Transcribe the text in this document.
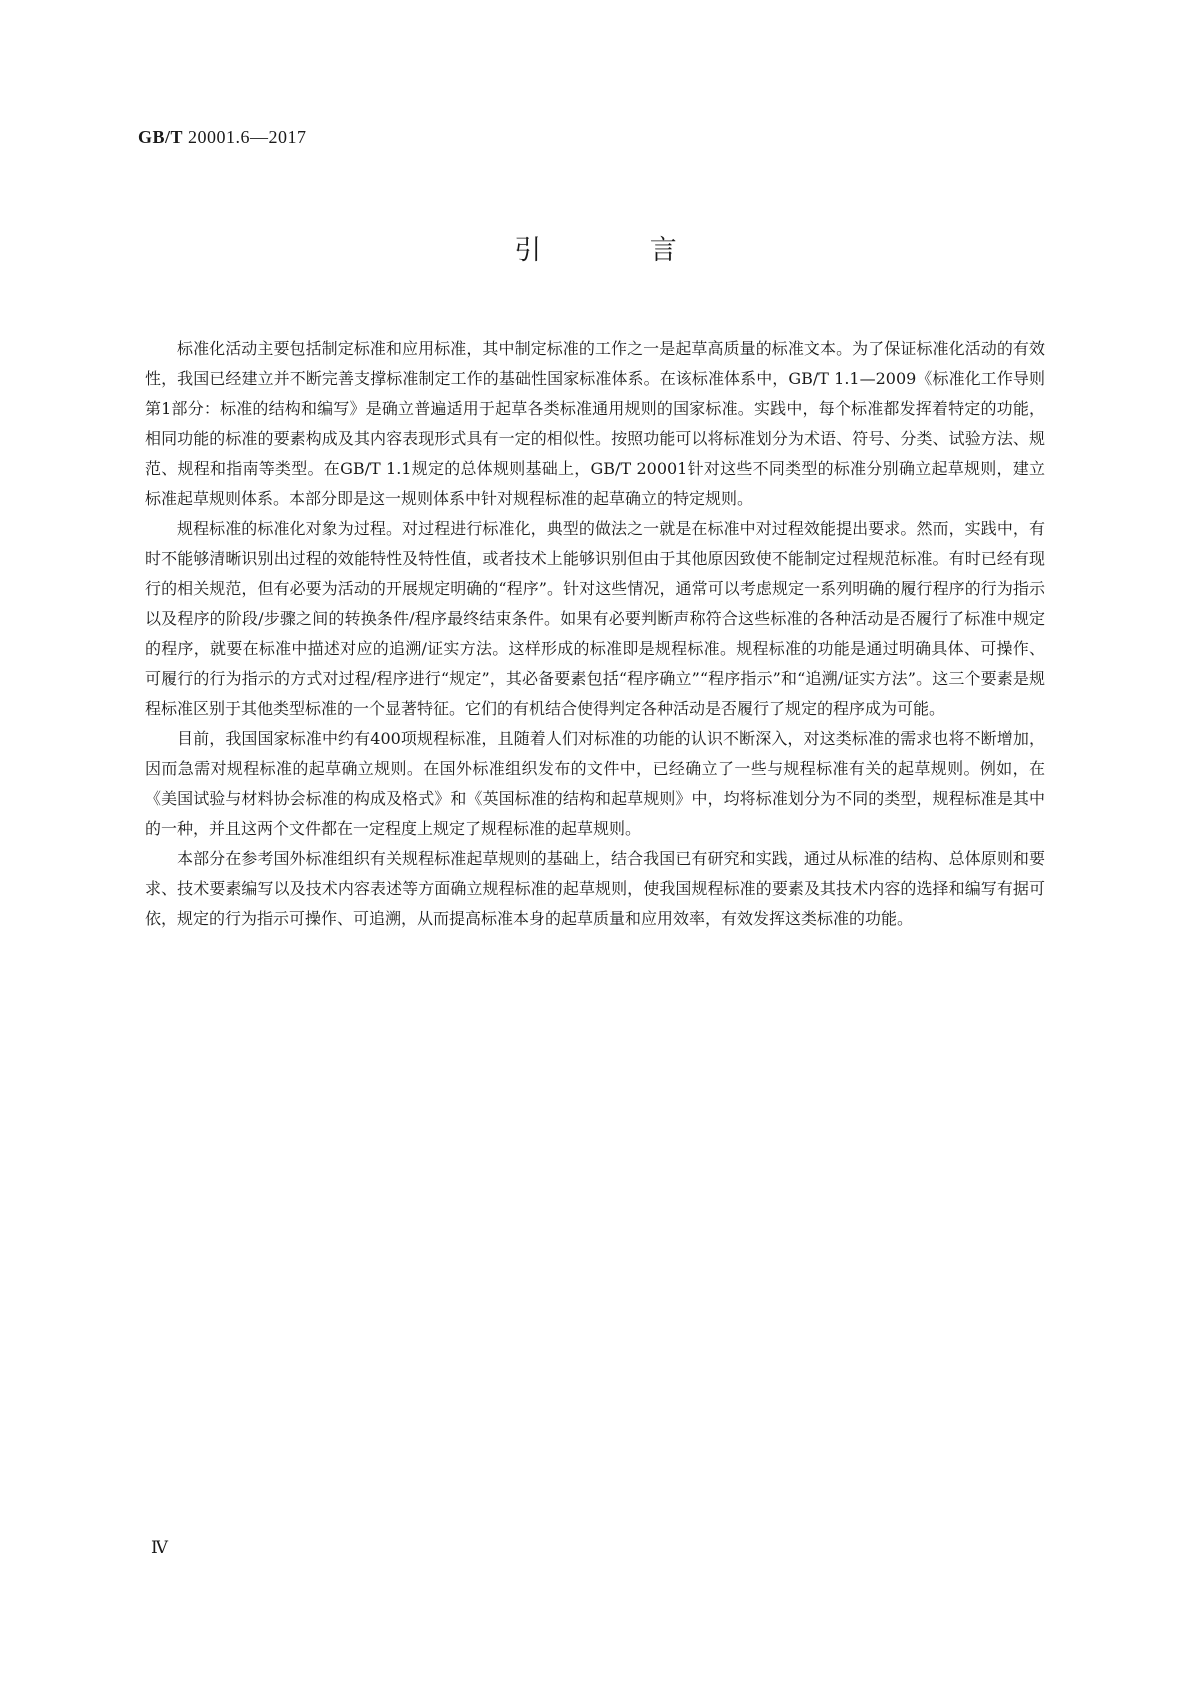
GB/T 20001.6—2017
引 言

标准化活动主要包括制定标准和应用标准，其中制定标准的工作之一是起草高质量的标准文本。为了保证标准化活动的有效性，我国已经建立并不断完善支撑标准制定工作的基础性国家标准体系。在该标准体系中，GB/T 1.1—2009《标准化工作导则　第1部分：标准的结构和编写》是确立普遍适用于起草各类标准通用规则的国家标准。实践中，每个标准都发挥着特定的功能，相同功能的标准的要素构成及其内容表现形式具有一定的相似性。按照功能可以将标准划分为术语、符号、分类、试验方法、规范、规程和指南等类型。在GB/T 1.1规定的总体规则基础上，GB/T 20001针对这些不同类型的标准分别确立起草规则，建立标准起草规则体系。本部分即是这一规则体系中针对规程标准的起草确立的特定规则。

规程标准的标准化对象为过程。对过程进行标准化，典型的做法之一就是在标准中对过程效能提出要求。然而，实践中，有时不能够清晰识别出过程的效能特性及特性值，或者技术上能够识别但由于其他原因致使不能制定过程规范标准。有时已经有现行的相关规范，但有必要为活动的开展规定明确的“程序”。针对这些情况，通常可以考虑规定一系列明确的履行程序的行为指示以及程序的阶段/步骤之间的转换条件/程序最终结束条件。如果有必要判断声称符合这些标准的各种活动是否履行了标准中规定的程序，就要在标准中描述对应的追溯/证实方法。这样形成的标准即是规程标准。规程标准的功能是通过明确具体、可操作、可履行的行为指示的方式对过程/程序进行“规定”，其必备要素包括“程序确立”“程序指示”和“追溯/证实方法”。这三个要素是规程标准区别于其他类型标准的一个显著特征。它们的有机结合使得判定各种活动是否履行了规定的程序成为可能。

目前，我国国家标准中约有400项规程标准，且随着人们对标准的功能的认识不断深入，对这类标准的需求也将不断增加，因而急需对规程标准的起草确立规则。在国外标准组织发布的文件中，已经确立了一些与规程标准有关的起草规则。例如，在《美国试验与材料协会标准的构成及格式》和《英国标准的结构和起草规则》中，均将标准划分为不同的类型，规程标准是其中的一种，并且这两个文件都在一定程度上规定了规程标准的起草规则。

本部分在参考国外标准组织有关规程标准起草规则的基础上，结合我国已有研究和实践，通过从标准的结构、总体原则和要求、技术要素编写以及技术内容表述等方面确立规程标准的起草规则，使我国规程标准的要素及其技术内容的选择和编写有据可依，规定的行为指示可操作、可追溯，从而提高标准本身的起草质量和应用效率，有效发挥这类标准的功能。

Ⅳ
